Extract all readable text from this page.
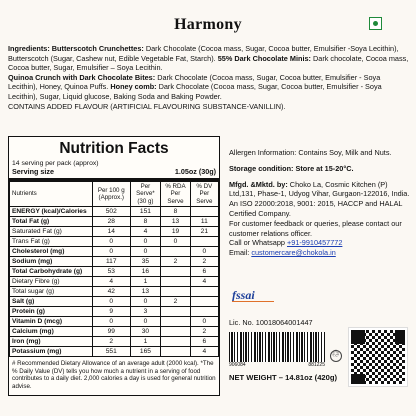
Harmony
Ingredients: Butterscotch Crunchettes: Dark Chocolate (Cocoa mass, Sugar, Cocoa butter, Emulsifier -Soya Lecithin), Butterscotch (Sugar, Cashew nut, Edible Vegetable Fat, Starch). 55% Dark Chocolate Minis: Dark chocolate, Cocoa mass, Cocoa butter, Sugar, Emulsifier – Soya Lecithin.
Quinoa Crunch with Dark Chocolate Bites: Dark Chocolate (Cocoa mass, Sugar, Cocoa butter, Emulsifier - Soya Lecithin), Honey, Quinoa Puffs. Honey comb: Dark Chocolate (Cocoa mass, Sugar, Cocoa butter, Emulsifier - Soya Lecithin), Sugar, Liquid glucose, Baking Soda and Baking Powder.
CONTAINS ADDED FLAVOUR (ARTIFICIAL FLAVOURING SUBSTANCE-VANILLIN).
Nutrition Facts
14 serving per pack (approx)
Serving size	1.05oz (30g)
Nutrients	Per 100 g (Approx.)	Per Serve* (30 g)	% RDA Per Serve	% DV Per Serve
ENERGY (kcal)/Calories	502	151	8	
Total Fat (g)	28	8	13	11
Saturated Fat (g)	14	4	19	21
Trans Fat (g)	0	0	0	
Cholesterol (mg)	0	0		0
Sodium (mg)	117	35	2	2
Total Carbohydrate (g)	53	16		6
Dietary Fibre (g)	4	1		4
Total sugar (g)	42	13		
Salt (g)	0	0	2	
Protein (g)	9	3		
Vitamin D (mcg)	0	0		0
Calcium (mg)	99	30		2
Iron (mg)	2	1		6
Potassium (mg)	551	165		4
# Recommended Dietary Allowance of an average adult (2000 kcal). *The % Daily Value (DV) tells you how much a nutrient in a serving of food contributes to a daily diet. 2,000 calories a day is used for general nutrition advise.

Allergen Information: Contains Soy, Milk and Nuts.

Storage condition: Store at 15-20°C.

Mfgd. &Mktd. by: Choko La, Cosmic Kitchen (P) Ltd,131, Phase-1, Udyog Vihar, Gurgaon-122016, India.
An ISO 22000:2018, 9001: 2015, HACCP and HALAL Certified Company.
For customer feedback or queries, please contact our customer relations officer.
Call or Whatsapp +91-9910457772
Email: customercare@chokola.in

fssai
Lic. No. 10018064001447
906084	881225
♲
NET WEIGHT – 14.81oz (420g)
